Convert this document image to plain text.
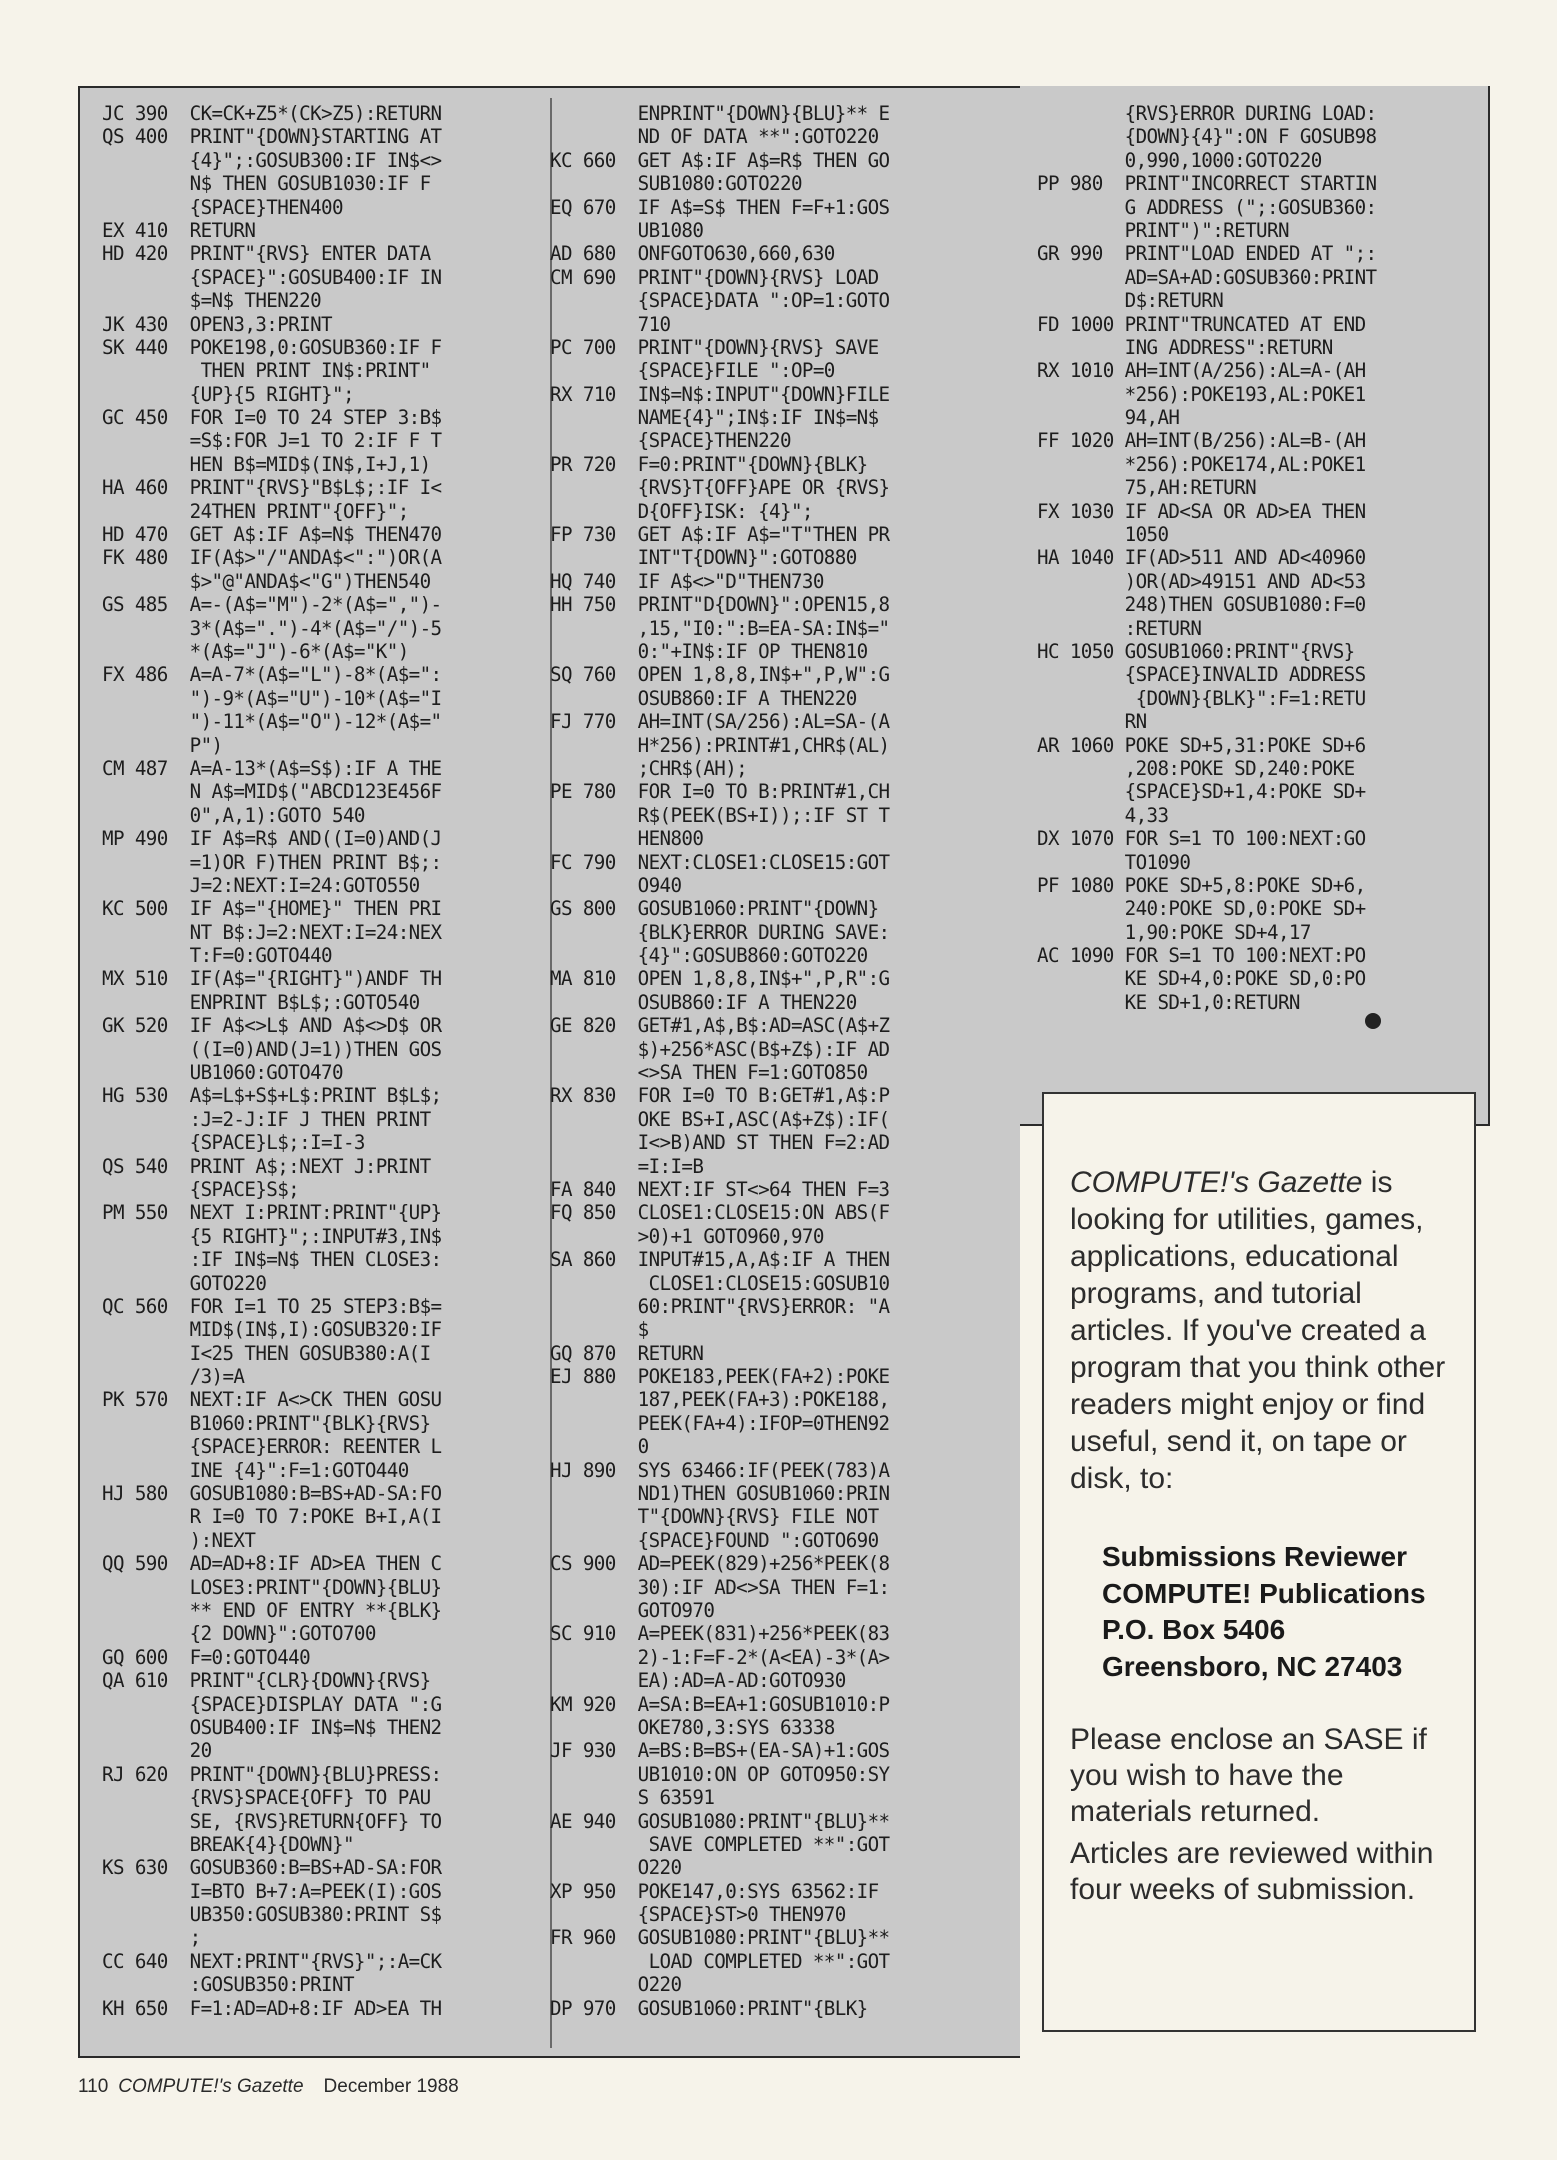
JC 390  CK=CK+Z5*(CK>Z5):RETURN
QS 400  PRINT"{DOWN}STARTING AT
{4}";:GOSUB300:IF IN$<>
N$ THEN GOSUB1030:IF F
{SPACE}THEN400
EX 410  RETURN
HD 420  PRINT"{RVS} ENTER DATA
{SPACE}":GOSUB400:IF IN
$=N$ THEN220
JK 430  OPEN3,3:PRINT
SK 440  POKE198,0:GOSUB360:IF F
THEN PRINT IN$:PRINT"
{UP}{5 RIGHT}";
GC 450  FOR I=0 TO 24 STEP 3:B$
=S$:FOR J=1 TO 2:IF F T
HEN B$=MID$(IN$,I+J,1)
HA 460  PRINT"{RVS}"B$L$;:IF I<
24THEN PRINT"{OFF}";
HD 470  GET A$:IF A$=N$ THEN470
FK 480  IF(A$>"/"ANDA$<":")OR(A
$>"@"ANDA$<"G")THEN540
GS 485  A=-(A$="M")-2*(A$=",")-
3*(A$=".")-4*(A$="/")-5
*(A$="J")-6*(A$="K")
FX 486  A=A-7*(A$="L")-8*(A$=":
")-9*(A$="U")-10*(A$="I
")-11*(A$="O")-12*(A$="
P")
CM 487  A=A-13*(A$=S$):IF A THE
N A$=MID$("ABCD123E456F
0",A,1):GOTO 540
MP 490  IF A$=R$ AND((I=0)AND(J
=1)OR F)THEN PRINT B$;:
J=2:NEXT:I=24:GOTO550
KC 500  IF A$="{HOME}" THEN PRI
NT B$:J=2:NEXT:I=24:NEX
T:F=0:GOTO440
MX 510  IF(A$="{RIGHT}")ANDF TH
ENPRINT B$L$;:GOTO540
GK 520  IF A$<>L$ AND A$<>D$ OR
((I=0)AND(J=1))THEN GOS
UB1060:GOTO470
HG 530  A$=L$+S$+L$:PRINT B$L$;
:J=2-J:IF J THEN PRINT
{SPACE}L$;:I=I-3
QS 540  PRINT A$;:NEXT J:PRINT
{SPACE}S$;
PM 550  NEXT I:PRINT:PRINT"{UP}
{5 RIGHT}";:INPUT#3,IN$
:IF IN$=N$ THEN CLOSE3:
GOTO220
QC 560  FOR I=1 TO 25 STEP3:B$=
MID$(IN$,I):GOSUB320:IF
I<25 THEN GOSUB380:A(I
/3)=A
PK 570  NEXT:IF A<>CK THEN GOSU
B1060:PRINT"{BLK}{RVS}
{SPACE}ERROR: REENTER L
INE {4}":F=1:GOTO440
HJ 580  GOSUB1080:B=BS+AD-SA:FO
R I=0 TO 7:POKE B+I,A(I
):NEXT
QQ 590  AD=AD+8:IF AD>EA THEN C
LOSE3:PRINT"{DOWN}{BLU}
** END OF ENTRY **{BLK}
{2 DOWN}":GOTO700
GQ 600  F=0:GOTO440
QA 610  PRINT"{CLR}{DOWN}{RVS}
{SPACE}DISPLAY DATA ":G
OSUB400:IF IN$=N$ THEN2
20
RJ 620  PRINT"{DOWN}{BLU}PRESS:
{RVS}SPACE{OFF} TO PAU
SE, {RVS}RETURN{OFF} TO
BREAK{4}{DOWN}"
KS 630  GOSUB360:B=BS+AD-SA:FOR
I=BTO B+7:A=PEEK(I):GOS
UB350:GOSUB380:PRINT S$
;
CC 640  NEXT:PRINT"{RVS}";:A=CK
:GOSUB350:PRINT
KH 650  F=1:AD=AD+8:IF AD>EA TH
ENPRINT"{DOWN}{BLU}** E
ND OF DATA **":GOTO220
KC 660  GET A$:IF A$=R$ THEN GO
SUB1080:GOTO220
EQ 670  IF A$=S$ THEN F=F+1:GOS
UB1080
AD 680  ONFGOTO630,660,630
CM 690  PRINT"{DOWN}{RVS} LOAD
{SPACE}DATA ":OP=1:GOTO
710
PC 700  PRINT"{DOWN}{RVS} SAVE
{SPACE}FILE ":OP=0
RX 710  IN$=N$:INPUT"{DOWN}FILE
NAME{4}";IN$:IF IN$=N$
{SPACE}THEN220
PR 720  F=0:PRINT"{DOWN}{BLK}
{RVS}T{OFF}APE OR {RVS}
D{OFF}ISK: {4}";
FP 730  GET A$:IF A$="T"THEN PR
INT"T{DOWN}":GOTO880
HQ 740  IF A$<>"D"THEN730
HH 750  PRINT"D{DOWN}":OPEN15,8
,15,"I0:":B=EA-SA:IN$="
0:"+IN$:IF OP THEN810
SQ 760  OPEN 1,8,8,IN$+",P,W":G
OSUB860:IF A THEN220
FJ 770  AH=INT(SA/256):AL=SA-(A
H*256):PRINT#1,CHR$(AL)
;CHR$(AH);
PE 780  FOR I=0 TO B:PRINT#1,CH
R$(PEEK(BS+I));:IF ST T
HEN800
FC 790  NEXT:CLOSE1:CLOSE15:GOT
O940
GS 800  GOSUB1060:PRINT"{DOWN}
{BLK}ERROR DURING SAVE:
{4}":GOSUB860:GOTO220
MA 810  OPEN 1,8,8,IN$+",P,R":G
OSUB860:IF A THEN220
GE 820  GET#1,A$,B$:AD=ASC(A$+Z
$)+256*ASC(B$+Z$):IF AD
<>SA THEN F=1:GOTO850
RX 830  FOR I=0 TO B:GET#1,A$:P
OKE BS+I,ASC(A$+Z$):IF(
I<>B)AND ST THEN F=2:AD
=I:I=B
FA 840  NEXT:IF ST<>64 THEN F=3
FQ 850  CLOSE1:CLOSE15:ON ABS(F
>0)+1 GOTO960,970
SA 860  INPUT#15,A,A$:IF A THEN
CLOSE1:CLOSE15:GOSUB10
60:PRINT"{RVS}ERROR: "A
$
GQ 870  RETURN
EJ 880  POKE183,PEEK(FA+2):POKE
187,PEEK(FA+3):POKE188,
PEEK(FA+4):IFOP=0THEN92
0
HJ 890  SYS 63466:IF(PEEK(783)A
ND1)THEN GOSUB1060:PRIN
T"{DOWN}{RVS} FILE NOT
{SPACE}FOUND ":GOTO690
CS 900  AD=PEEK(829)+256*PEEK(8
30):IF AD<>SA THEN F=1:
GOTO970
SC 910  A=PEEK(831)+256*PEEK(83
2)-1:F=F-2*(A<EA)-3*(A>
EA):AD=A-AD:GOTO930
KM 920  A=SA:B=EA+1:GOSUB1010:P
OKE780,3:SYS 63338
JF 930  A=BS:B=BS+(EA-SA)+1:GOS
UB1010:ON OP GOTO950:SY
S 63591
AE 940  GOSUB1080:PRINT"{BLU}**
SAVE COMPLETED **":GOT
O220
XP 950  POKE147,0:SYS 63562:IF
{SPACE}ST>0 THEN970
FR 960  GOSUB1080:PRINT"{BLU}**
LOAD COMPLETED **":GOT
O220
DP 970  GOSUB1060:PRINT"{BLK}
{RVS}ERROR DURING LOAD:
{DOWN}{4}":ON F GOSUB98
0,990,1000:GOTO220
PP 980  PRINT"INCORRECT STARTIN
G ADDRESS (";:GOSUB360:
PRINT")":RETURN
GR 990  PRINT"LOAD ENDED AT ";:
AD=SA+AD:GOSUB360:PRINT
D$:RETURN
FD 1000 PRINT"TRUNCATED AT END
ING ADDRESS":RETURN
RX 1010 AH=INT(A/256):AL=A-(AH
*256):POKE193,AL:POKE1
94,AH
FF 1020 AH=INT(B/256):AL=B-(AH
*256):POKE174,AL:POKE1
75,AH:RETURN
FX 1030 IF AD<SA OR AD>EA THEN
1050
HA 1040 IF(AD>511 AND AD<40960
)OR(AD>49151 AND AD<53
248)THEN GOSUB1080:F=0
:RETURN
HC 1050 GOSUB1060:PRINT"{RVS}
{SPACE}INVALID ADDRESS
{DOWN}{BLK}":F=1:RETU
RN
AR 1060 POKE SD+5,31:POKE SD+6
,208:POKE SD,240:POKE
{SPACE}SD+1,4:POKE SD+
4,33
DX 1070 FOR S=1 TO 100:NEXT:GO
TO1090
PF 1080 POKE SD+5,8:POKE SD+6,
240:POKE SD,0:POKE SD+
1,90:POKE SD+4,17
AC 1090 FOR S=1 TO 100:NEXT:PO
KE SD+4,0:POKE SD,0:PO
KE SD+1,0:RETURN
COMPUTE!'s Gazette is looking for utilities, games, applications, educational programs, and tutorial articles. If you've created a program that you think other readers might enjoy or find useful, send it, on tape or disk, to:
Submissions Reviewer
COMPUTE! Publications
P.O. Box 5406
Greensboro, NC 27403
Please enclose an SASE if you wish to have the materials returned.
Articles are reviewed within four weeks of submission.
110 COMPUTE!'s Gazette December 1988
